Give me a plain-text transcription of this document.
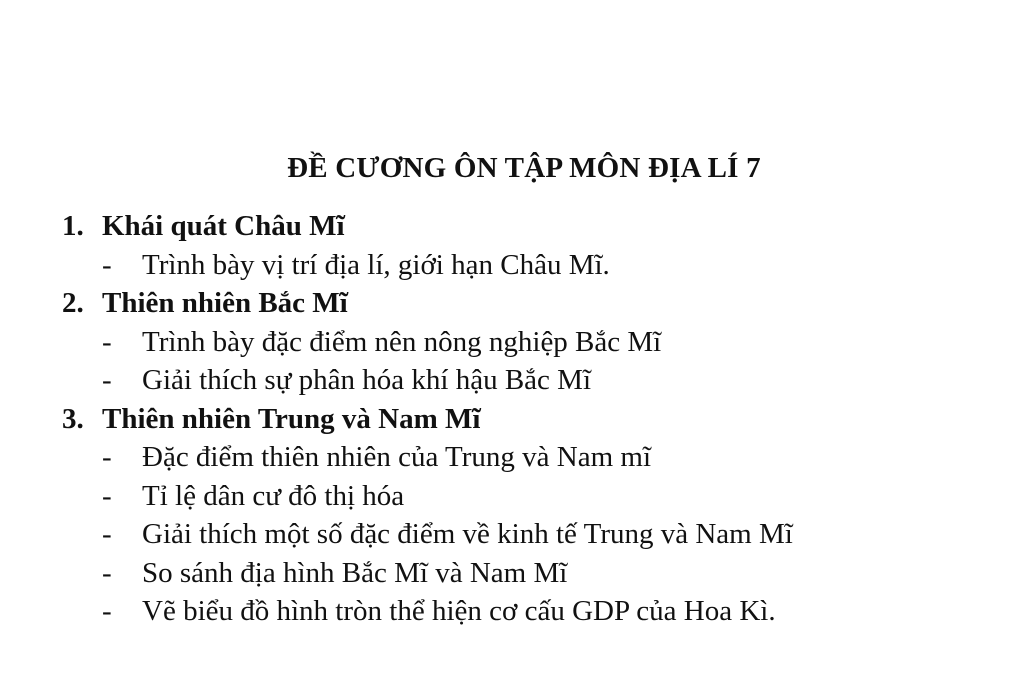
ĐỀ CƯƠNG ÔN TẬP MÔN ĐỊA LÍ 7
1. Khái quát Châu Mĩ
-	Trình bày vị trí địa lí, giới hạn Châu Mĩ.
2. Thiên nhiên Bắc Mĩ
-	Trình bày đặc điểm nên nông nghiệp Bắc Mĩ
-	Giải thích sự phân hóa khí hậu Bắc Mĩ
3. Thiên nhiên Trung và Nam Mĩ
-	Đặc điểm thiên nhiên của Trung và Nam mĩ
-	Tỉ lệ dân cư đô thị hóa
-	Giải thích một số đặc điểm về kinh tế Trung và Nam Mĩ
-	So sánh địa hình Bắc Mĩ và Nam Mĩ
-	Vẽ biểu đồ hình tròn thể hiện cơ cấu GDP của Hoa Kì.
